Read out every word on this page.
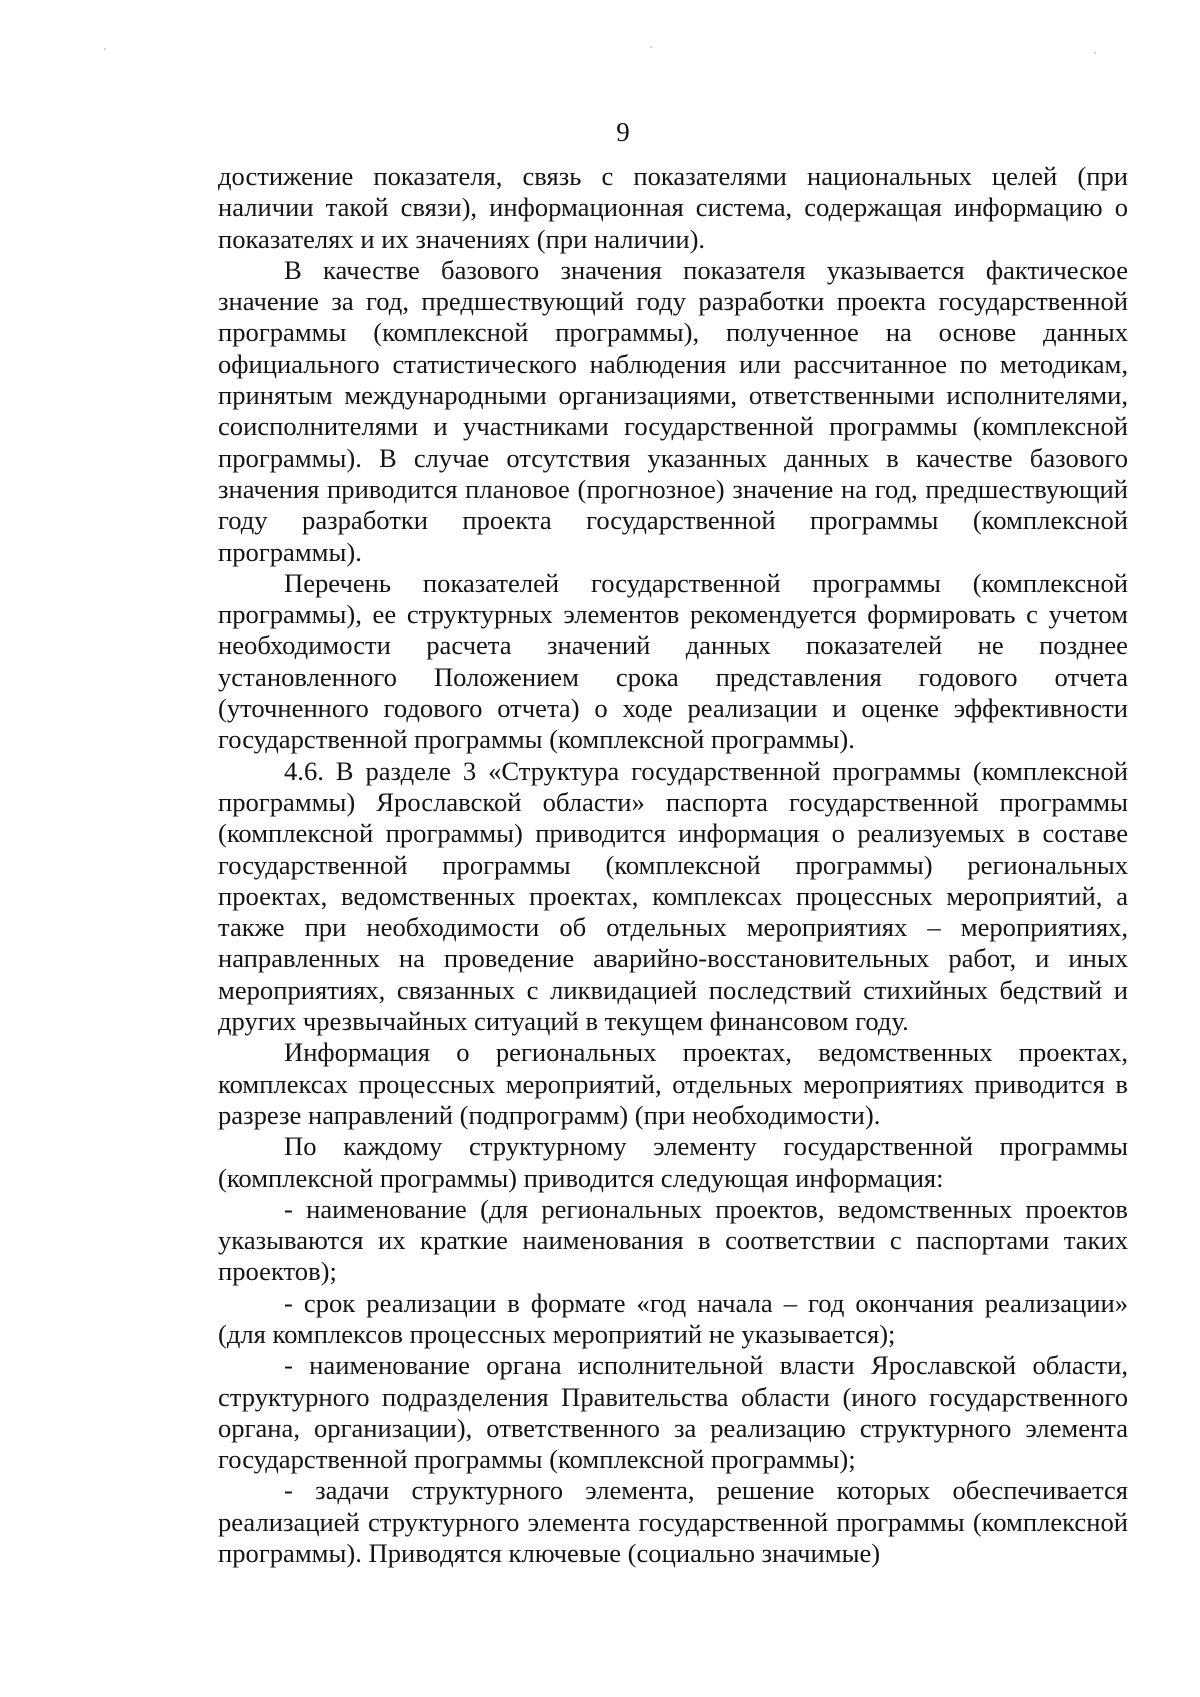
9

достижение показателя, связь с показателями национальных целей (при наличии такой связи), информационная система, содержащая информацию о показателях и их значениях (при наличии).

В качестве базового значения показателя указывается фактическое значение за год, предшествующий году разработки проекта государственной программы (комплексной программы), полученное на основе данных официального статистического наблюдения или рассчитанное по методикам, принятым международными организациями, ответственными исполнителями, соисполнителями и участниками государственной программы (комплексной программы). В случае отсутствия указанных данных в качестве базового значения приводится плановое (прогнозное) значение на год, предшествующий году разработки проекта государственной программы (комплексной программы).

Перечень показателей государственной программы (комплексной программы), ее структурных элементов рекомендуется формировать с учетом необходимости расчета значений данных показателей не позднее установленного Положением срока представления годового отчета (уточненного годового отчета) о ходе реализации и оценке эффективности государственной программы (комплексной программы).

4.6. В разделе 3 «Структура государственной программы (комплексной программы) Ярославской области» паспорта государственной программы (комплексной программы) приводится информация о реализуемых в составе государственной программы (комплексной программы) региональных проектах, ведомственных проектах, комплексах процессных мероприятий, а также при необходимости об отдельных мероприятиях – мероприятиях, направленных на проведение аварийно-восстановительных работ, и иных мероприятиях, связанных с ликвидацией последствий стихийных бедствий и других чрезвычайных ситуаций в текущем финансовом году.

Информация о региональных проектах, ведомственных проектах, комплексах процессных мероприятий, отдельных мероприятиях приводится в разрезе направлений (подпрограмм) (при необходимости).

По каждому структурному элементу государственной программы (комплексной программы) приводится следующая информация:

- наименование (для региональных проектов, ведомственных проектов указываются их краткие наименования в соответствии с паспортами таких проектов);

- срок реализации в формате «год начала – год окончания реализации» (для комплексов процессных мероприятий не указывается);

- наименование органа исполнительной власти Ярославской области, структурного подразделения Правительства области (иного государственного органа, организации), ответственного за реализацию структурного элемента государственной программы (комплексной программы);

- задачи структурного элемента, решение которых обеспечивается реализацией структурного элемента государственной программы (комплексной программы). Приводятся ключевые (социально значимые)
